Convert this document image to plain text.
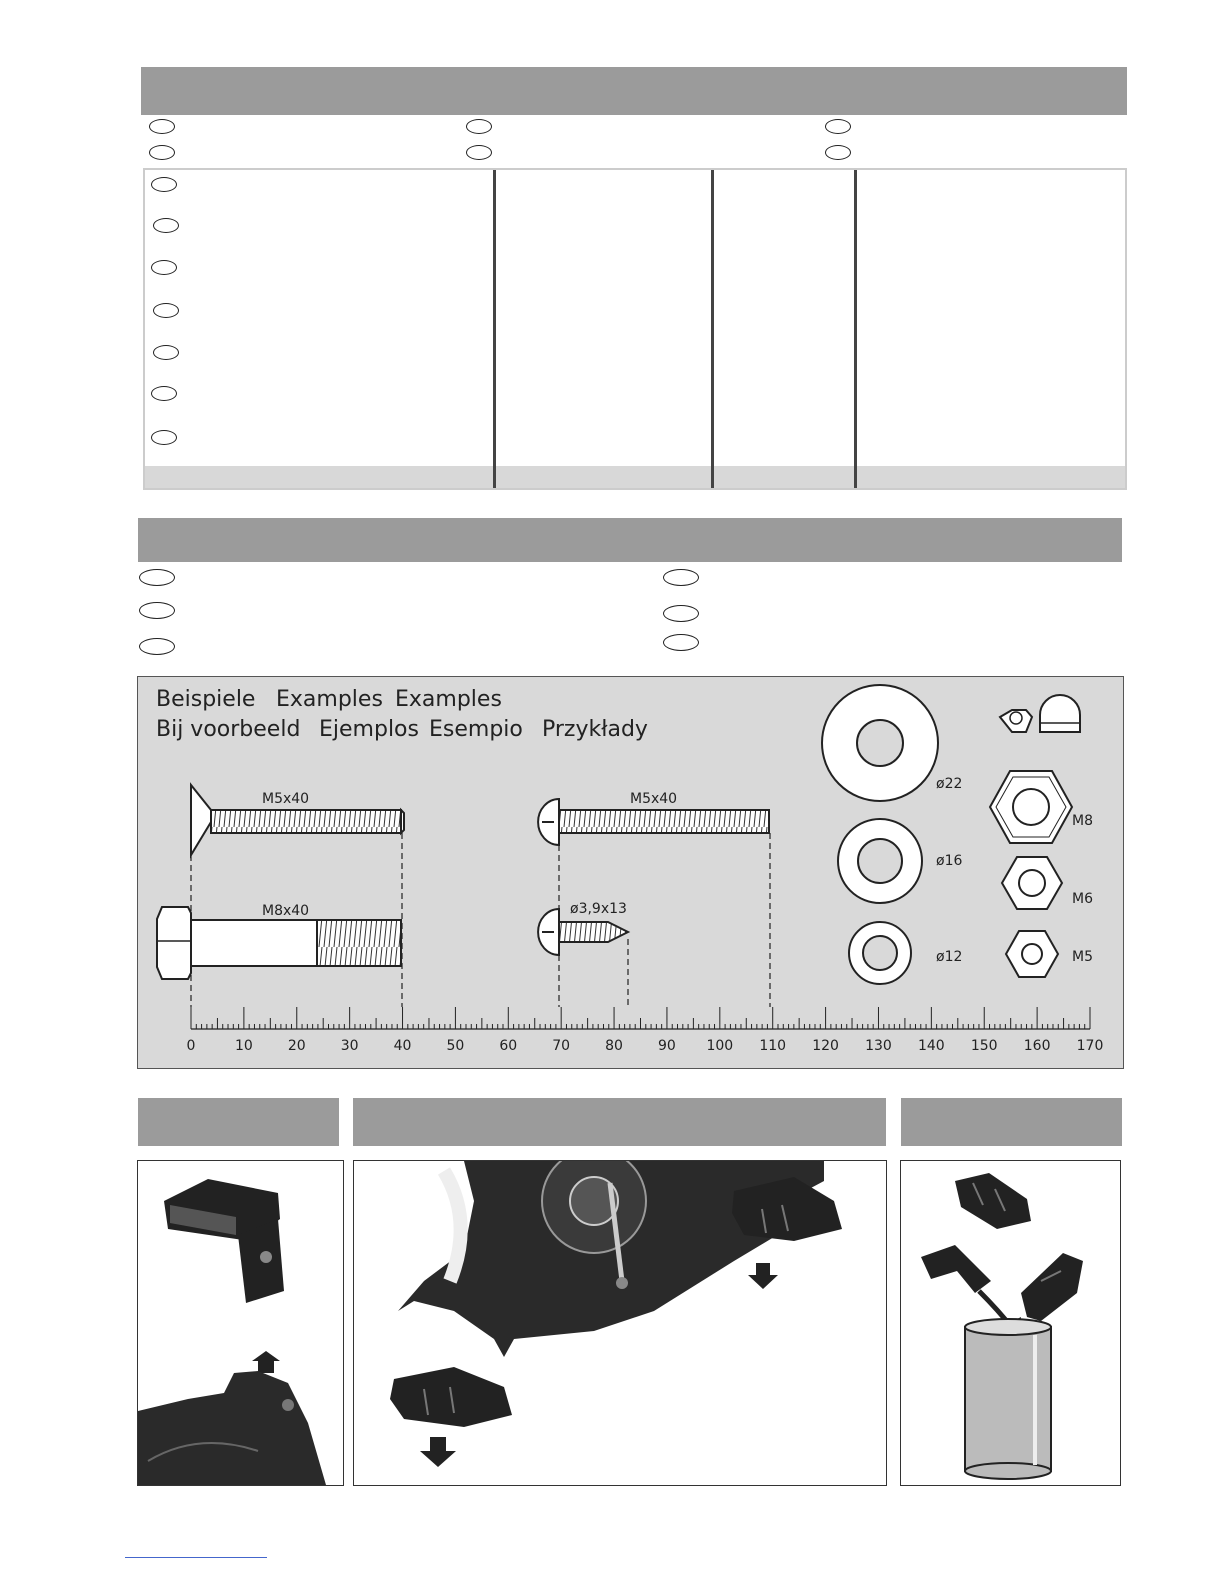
Beispiele Examples Examples
Bij voorbeeld Ejemplos Esempio Przykłady
M5x40	M5x40
M8x40	ø3,9x13
ø22
ø16
ø12
M8
M6
M5
0	10	20	30	40	50	60	70	80	90 100 110 120 130 140 150 160 170
